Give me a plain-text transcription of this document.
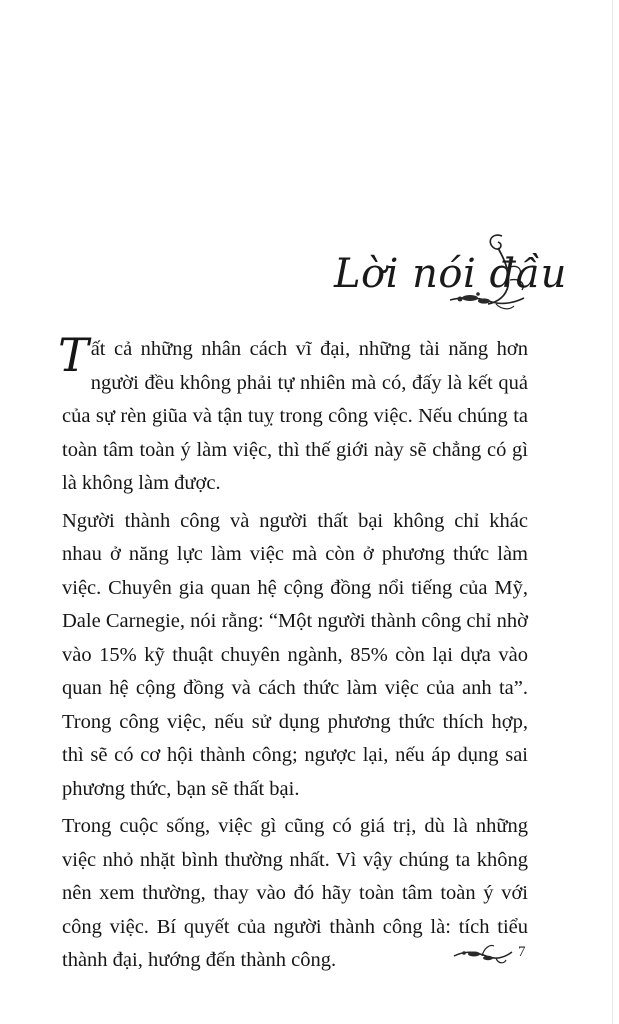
Lời nói đầu

Tất cả những nhân cách vĩ đại, những tài năng hơn người đều không phải tự nhiên mà có, đấy là kết quả của sự rèn giũa và tận tuỵ trong công việc. Nếu chúng ta toàn tâm toàn ý làm việc, thì thế giới này sẽ chẳng có gì là không làm được.

Người thành công và người thất bại không chỉ khác nhau ở năng lực làm việc mà còn ở phương thức làm việc. Chuyên gia quan hệ cộng đồng nổi tiếng của Mỹ, Dale Carnegie, nói rằng: “Một người thành công chỉ nhờ vào 15% kỹ thuật chuyên ngành, 85% còn lại dựa vào quan hệ cộng đồng và cách thức làm việc của anh ta”. Trong công việc, nếu sử dụng phương thức thích hợp, thì sẽ có cơ hội thành công; ngược lại, nếu áp dụng sai phương thức, bạn sẽ thất bại.

Trong cuộc sống, việc gì cũng có giá trị, dù là những việc nhỏ nhặt bình thường nhất. Vì vậy chúng ta không nên xem thường, thay vào đó hãy toàn tâm toàn ý với công việc. Bí quyết của người thành công là: tích tiểu thành đại, hướng đến thành công.	7
